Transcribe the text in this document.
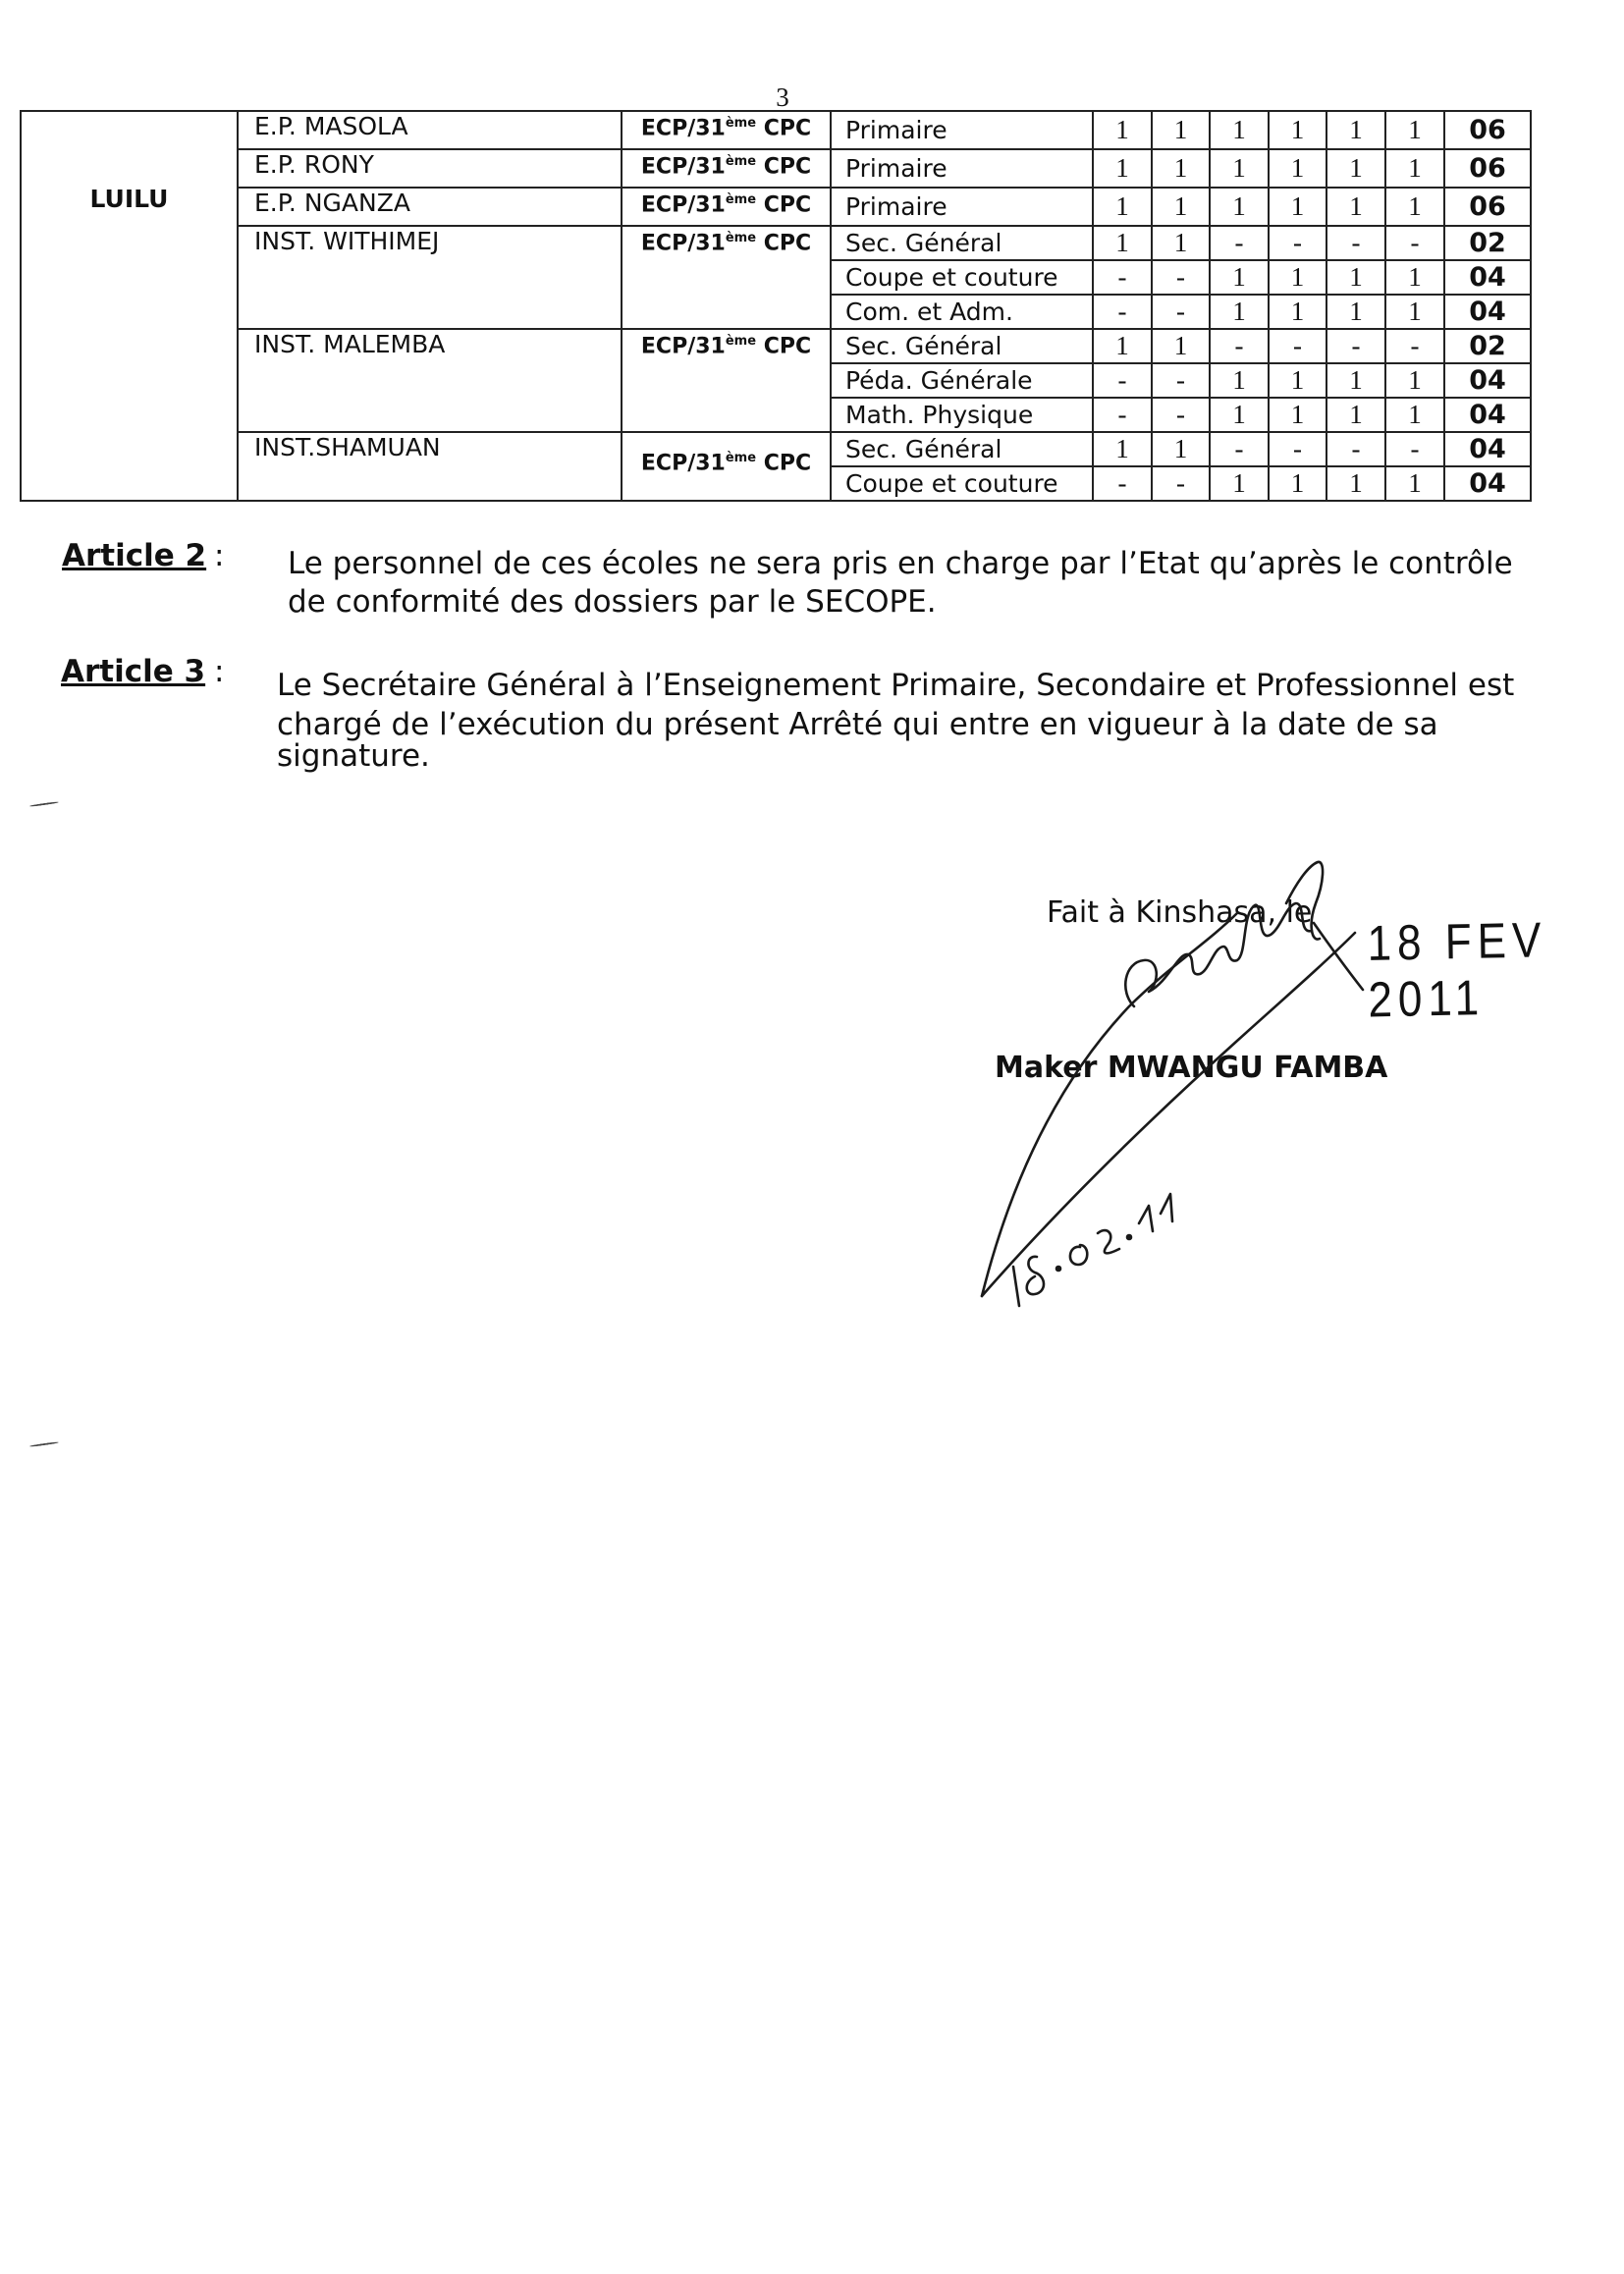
3
LUILU	E.P. MASOLA	ECP/31ème CPC	Primaire	1	1	1	1	1	1	06
	E.P. RONY	ECP/31ème CPC	Primaire	1	1	1	1	1	1	06
	E.P. NGANZA	ECP/31ème CPC	Primaire	1	1	1	1	1	1	06
	INST. WITHIMEJ	ECP/31ème CPC	Sec. Général	1	1	-	-	-	-	02
			Coupe et couture	-	-	1	1	1	1	04
			Com. et Adm.	-	-	1	1	1	1	04
	INST. MALEMBA	ECP/31ème CPC	Sec. Général	1	1	-	-	-	-	02
			Péda. Générale	-	-	1	1	1	1	04
			Math. Physique	-	-	1	1	1	1	04
	INST.SHAMUAN	ECP/31ème CPC	Sec. Général	1	1	-	-	-	-	04
			Coupe et couture	-	-	1	1	1	1	04
Article 2 : Le personnel de ces écoles ne sera pris en charge par l’Etat qu’après le contrôle
de conformité des dossiers par le SECOPE.
Article 3 : Le Secrétaire Général à l’Enseignement Primaire, Secondaire et Professionnel est
chargé de l’exécution du présent Arrêté qui entre en vigueur à la date de sa
signature.
Fait à Kinshasa, le 18 FEV 2011
Maker MWANGU FAMBA
